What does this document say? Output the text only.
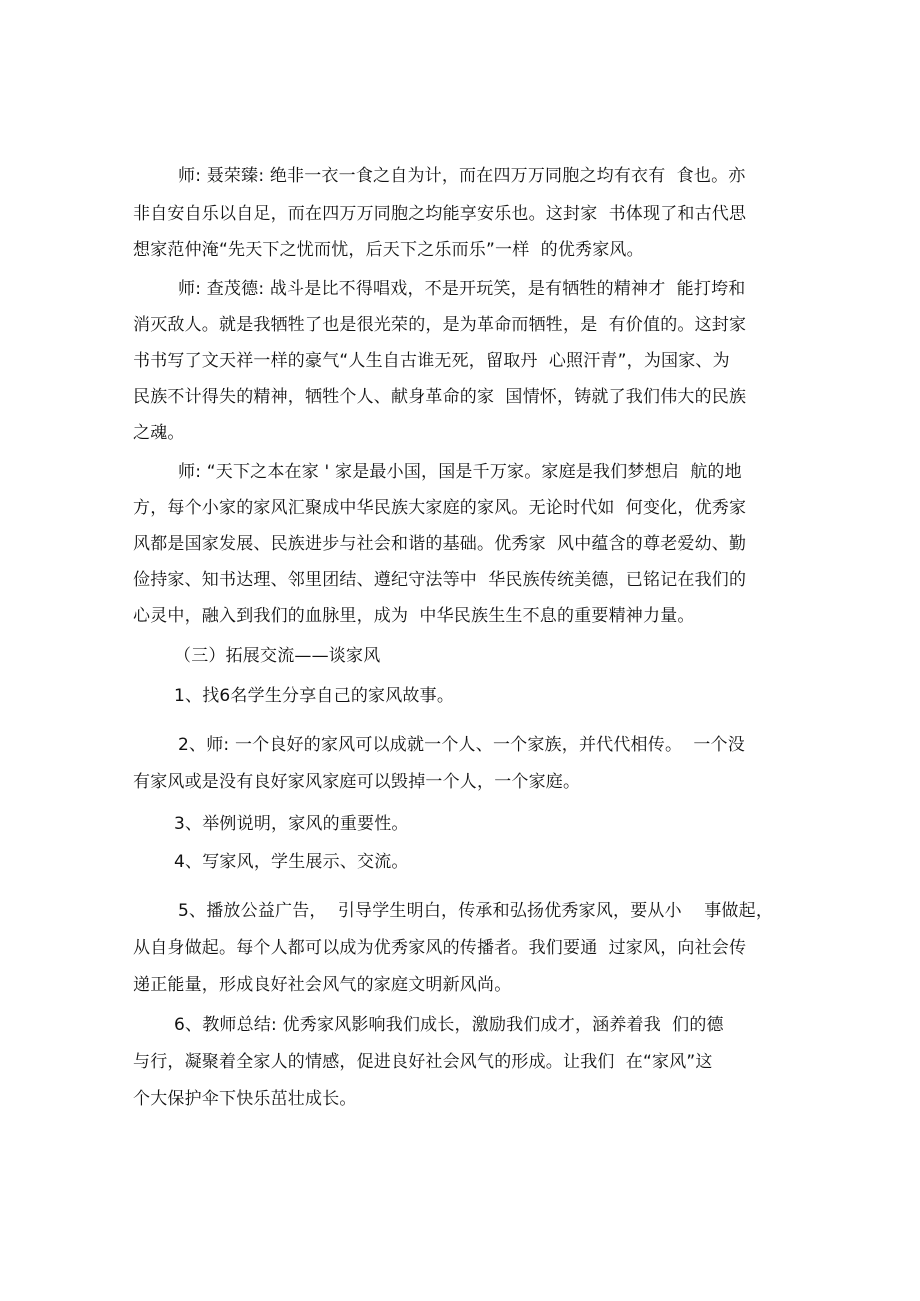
师: 聂荣臻: 绝非一衣一食之自为计，而在四万万同胞之均有衣有  食也。亦
非自安自乐以自足，而在四万万同胞之均能享安乐也。这封家  书体现了和古代思
想家范仲淹“先天下之忧而忧，后天下之乐而乐”一样  的优秀家风。
师: 查茂德: 战斗是比不得唱戏，不是开玩笑，是有牺牲的精神才  能打垮和
消灭敌人。就是我牺牲了也是很光荣的，是为革命而牺牲，是  有价值的。这封家
书书写了文天祥一样的豪气“人生自古谁无死，留取丹  心照汗青”，为国家、为
民族不计得失的精神，牺牲个人、献身革命的家  国情怀，铸就了我们伟大的民族
之魂。
师: “天下之本在家 ' 家是最小国，国是千万家。家庭是我们梦想启  航的地
方，每个小家的家风汇聚成中华民族大家庭的家风。无论时代如  何变化，优秀家
风都是国家发展、民族进步与社会和谐的基础。优秀家  风中蕴含的尊老爱幼、勤
俭持家、知书达理、邻里团结、遵纪守法等中  华民族传统美德，已铭记在我们的
心灵中，融入到我们的血脉里，成为  中华民族生生不息的重要精神力量。
（三）拓展交流——谈家风
1、找6名学生分享自己的家风故事。
2、师: 一个良好的家风可以成就一个人、一个家族，并代代相传。  一个没
有家风或是没有良好家风家庭可以毁掉一个人，一个家庭。
3、举例说明，家风的重要性。
4、写家风，学生展示、交流。
5、播放公益广告，  引导学生明白，传承和弘扬优秀家风，要从小    事做起，
从自身做起。每个人都可以成为优秀家风的传播者。我们要通  过家风，向社会传
递正能量，形成良好社会风气的家庭文明新风尚。
6、教师总结: 优秀家风影响我们成长，激励我们成才，涵养着我  们的德
与行，凝聚着全家人的情感，促进良好社会风气的形成。让我们  在“家风”这
个大保护伞下快乐茁壮成长。
